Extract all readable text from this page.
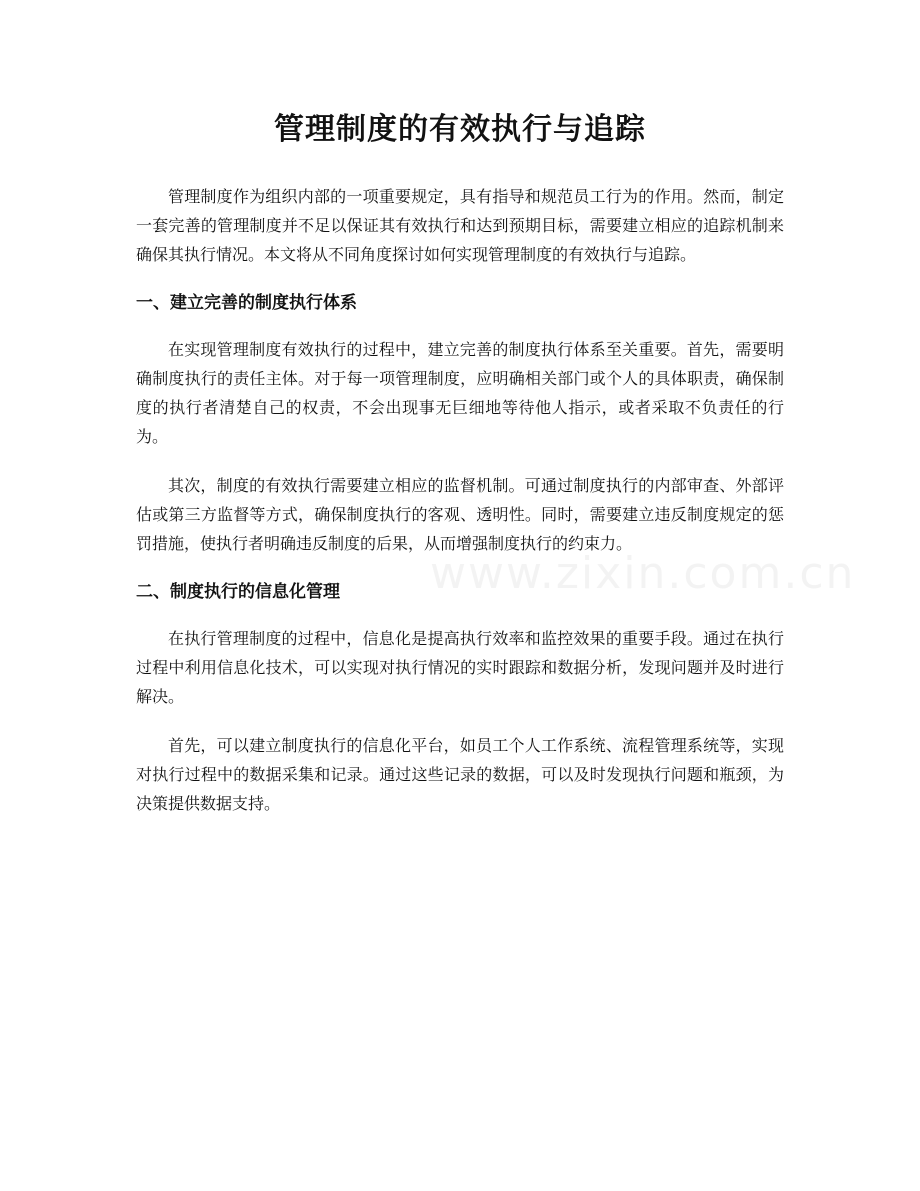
管理制度的有效执行与追踪

管理制度作为组织内部的一项重要规定，具有指导和规范员工行为的作用。然而，制定一套完善的管理制度并不足以保证其有效执行和达到预期目标，需要建立相应的追踪机制来确保其执行情况。本文将从不同角度探讨如何实现管理制度的有效执行与追踪。

一、建立完善的制度执行体系

在实现管理制度有效执行的过程中，建立完善的制度执行体系至关重要。首先，需要明确制度执行的责任主体。对于每一项管理制度，应明确相关部门或个人的具体职责，确保制度的执行者清楚自己的权责，不会出现事无巨细地等待他人指示，或者采取不负责任的行为。

其次，制度的有效执行需要建立相应的监督机制。可通过制度执行的内部审查、外部评估或第三方监督等方式，确保制度执行的客观、透明性。同时，需要建立违反制度规定的惩罚措施，使执行者明确违反制度的后果，从而增强制度执行的约束力。

二、制度执行的信息化管理

在执行管理制度的过程中，信息化是提高执行效率和监控效果的重要手段。通过在执行过程中利用信息化技术，可以实现对执行情况的实时跟踪和数据分析，发现问题并及时进行解决。

首先，可以建立制度执行的信息化平台，如员工个人工作系统、流程管理系统等，实现对执行过程中的数据采集和记录。通过这些记录的数据，可以及时发现执行问题和瓶颈，为决策提供数据支持。

www.zixin.com.cn
